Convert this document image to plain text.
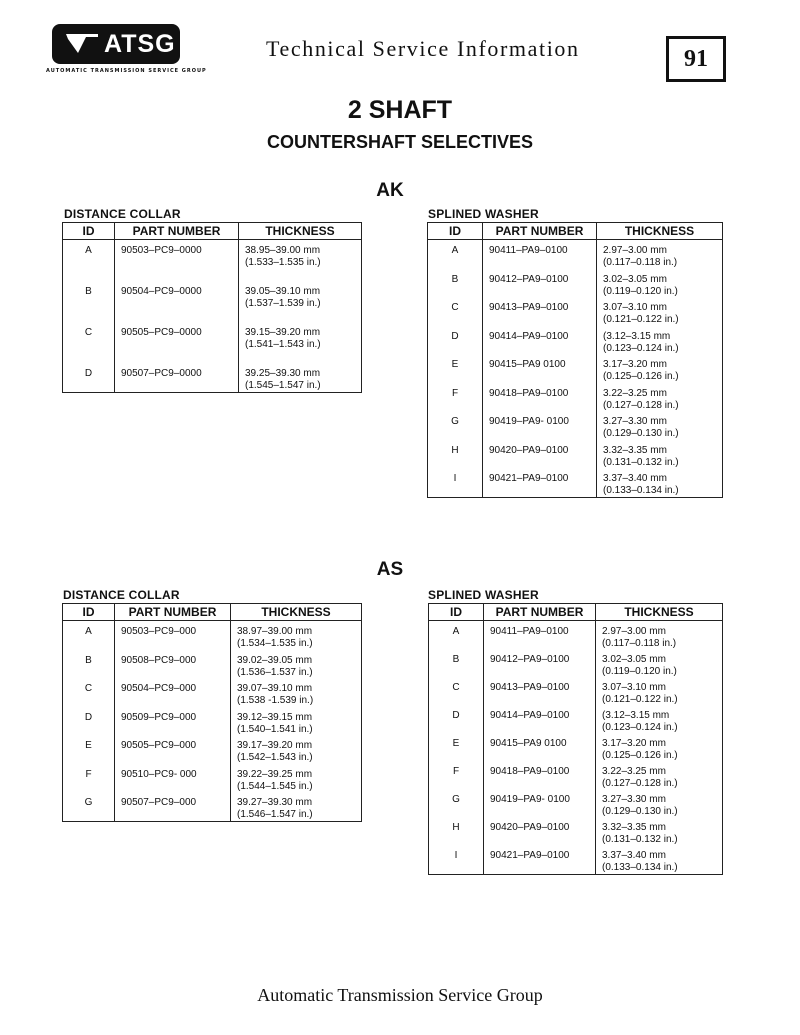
ATSG
AUTOMATIC TRANSMISSION SERVICE GROUP
Technical Service Information	91
2 SHAFT
COUNTERSHAFT SELECTIVES
AK
DISTANCE COLLAR
ID	PART NUMBER	THICKNESS
A	90503–PC9–0000	38.95–39.00 mm
(1.533–1.535 in.)

B	90504–PC9–0000	39.05–39.10 mm
(1.537–1.539 in.)

C	90505–PC9–0000	39.15–39.20 mm
(1.541–1.543 in.)

D	90507–PC9–0000	39.25–39.30 mm
(1.545–1.547 in.)
SPLINED WASHER
ID	PART NUMBER	THICKNESS
A	90411–PA9–0100	2.97–3.00 mm
(0.117–0.118 in.)

B	90412–PA9–0100	3.02–3.05 mm
(0.119–0.120 in.)

C	90413–PA9–0100	3.07–3.10 mm
(0.121–0.122 in.)

D	90414–PA9–0100	(3.12–3.15 mm
(0.123–0.124 in.)

E	90415–PA9 0100	3.17–3.20 mm
(0.125–0.126 in.)

F	90418–PA9–0100	3.22–3.25 mm
(0.127–0.128 in.)

G	90419–PA9- 0100	3.27–3.30 mm
(0.129–0.130 in.)

H	90420–PA9–0100	3.32–3.35 mm
(0.131–0.132 in.)

I	90421–PA9–0100	3.37–3.40 mm
(0.133–0.134 in.)
AS
DISTANCE COLLAR
ID	PART NUMBER	THICKNESS
A	90503–PC9–000	38.97–39.00 mm
(1.534–1.535 in.)

B	90508–PC9–000	39.02–39.05 mm
(1.536–1.537 in.)

C	90504–PC9–000	39.07–39.10 mm
(1.538 -1.539 in.)

D	90509–PC9–000	39.12–39.15 mm
(1.540–1.541 in.)

E	90505–PC9–000	39.17–39.20 mm
(1.542–1.543 in.)

F	90510–PC9- 000	39.22–39.25 mm
(1.544–1.545 in.)

G	90507–PC9–000	39.27–39.30 mm
(1.546–1.547 in.)
SPLINED WASHER
ID	PART NUMBER	THICKNESS
A	90411–PA9–0100	2.97–3.00 mm
(0.117–0.118 in.)

B	90412–PA9–0100	3.02–3.05 mm
(0.119–0.120 in.)

C	90413–PA9–0100	3.07–3.10 mm
(0.121–0.122 in.)

D	90414–PA9–0100	(3.12–3.15 mm
(0.123–0.124 in.)

E	90415–PA9 0100	3.17–3.20 mm
(0.125–0.126 in.)

F	90418–PA9–0100	3.22–3.25 mm
(0.127–0.128 in.)

G	90419–PA9- 0100	3.27–3.30 mm
(0.129–0.130 in.)

H	90420–PA9–0100	3.32–3.35 mm
(0.131–0.132 in.)

I	90421–PA9–0100	3.37–3.40 mm
(0.133–0.134 in.)
Automatic Transmission Service Group
